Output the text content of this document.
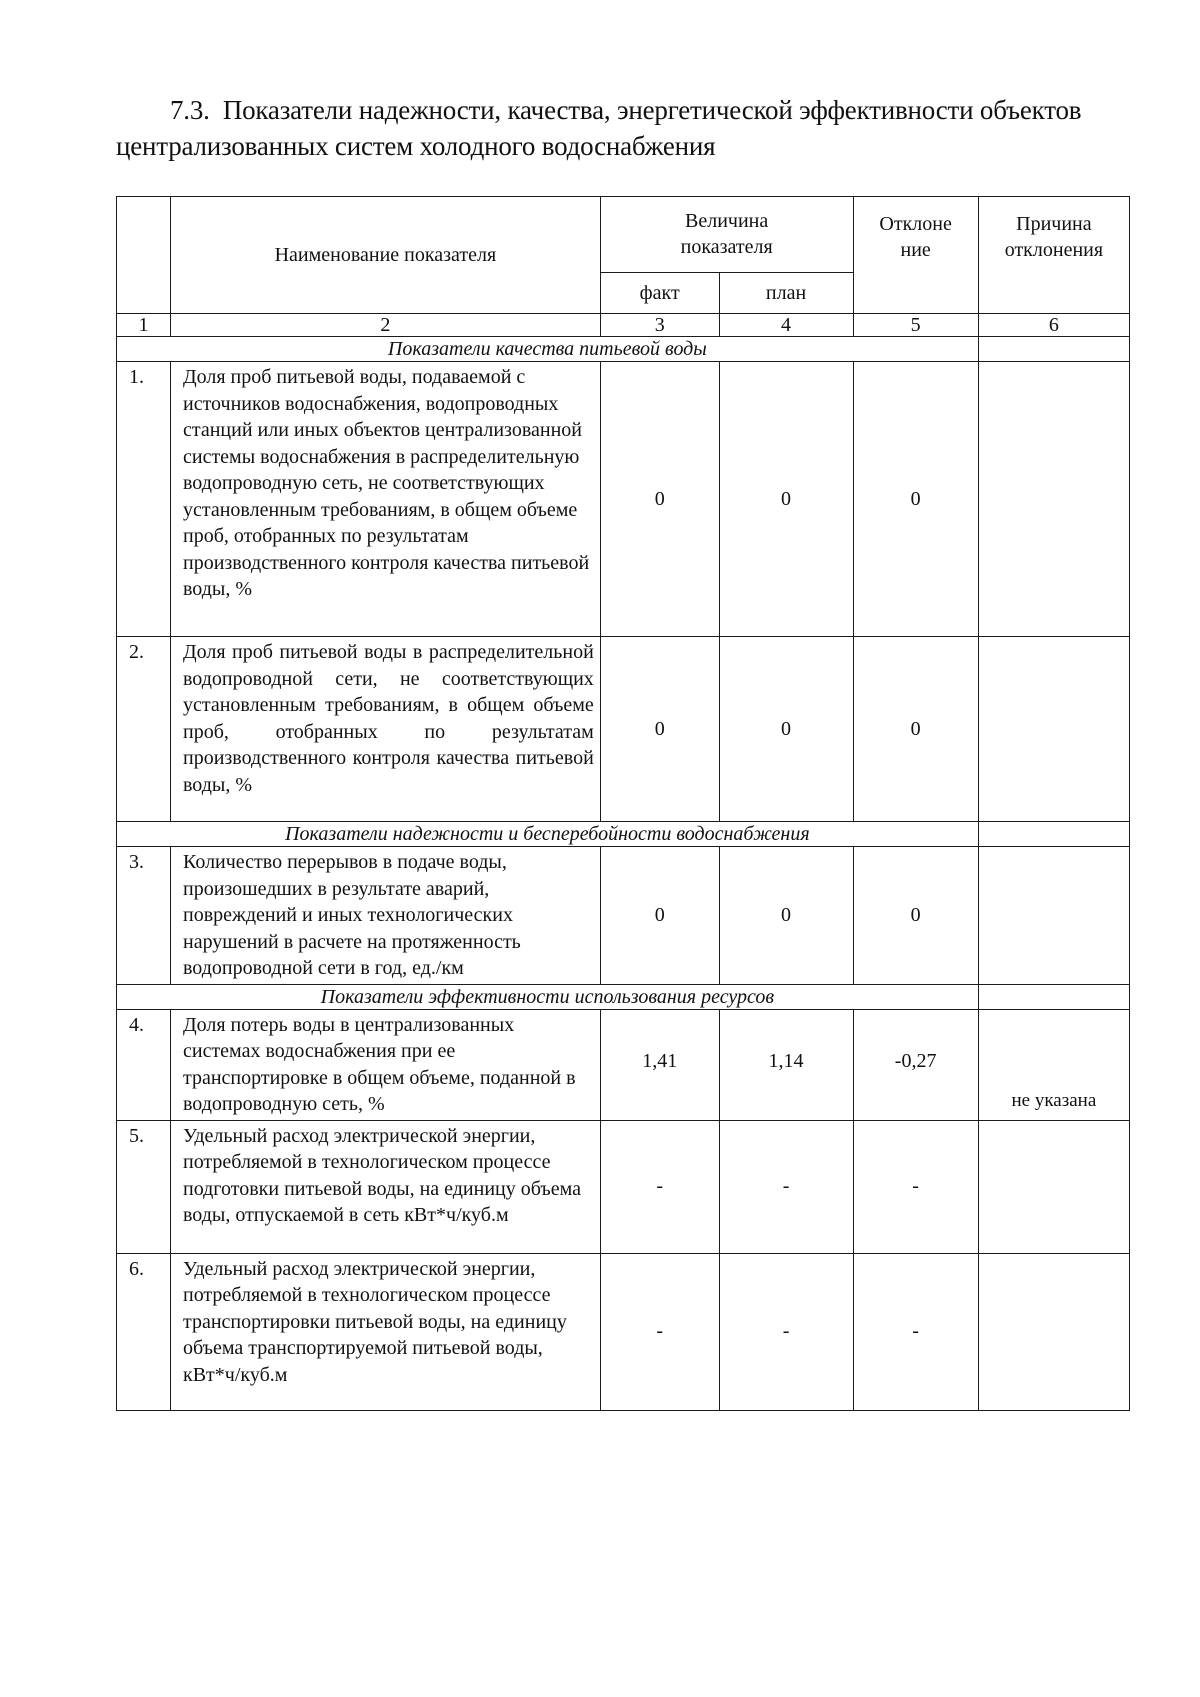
7.3. Показатели надежности, качества, энергетической эффективности объектов
централизованных систем холодного водоснабжения
	Наименование показателя	Величина показателя		Отклоне ние	Причина отклонения
		факт	план		
1	2	3	4	5	6
Показатели качества питьевой воды					
1.	Доля проб питьевой воды, подаваемой с источников водоснабжения, водопроводных станций или иных объектов централизованной системы водоснабжения в распределительную водопроводную сеть, не соответствующих установленным требованиям, в общем объеме проб, отобранных по результатам производственного контроля качества питьевой воды, %	0	0	0	
2.	Доля проб питьевой воды в распределительной водопроводной сети, не соответствующих установленным требованиям, в общем объеме проб, отобранных по результатам производственного контроля качества питьевой воды, %	0	0	0	
Показатели надежности и бесперебойности водоснабжения					
3.	Количество перерывов в подаче воды, произошедших в результате аварий, повреждений и иных технологических нарушений в расчете на протяженность водопроводной сети в год, ед./км	0	0	0	
Показатели эффективности использования ресурсов					
4.	Доля потерь воды в централизованных системах водоснабжения при ее транспортировке в общем объеме, поданной в водопроводную сеть, %	1,41	1,14	-0,27	не указана
5.	Удельный расход электрической энергии, потребляемой в технологическом процессе подготовки питьевой воды, на единицу объема воды, отпускаемой в сеть кВт*ч/куб.м	-	-	-	
6.	Удельный расход электрической энергии, потребляемой в технологическом процессе транспортировки питьевой воды, на единицу объема транспортируемой питьевой воды, кВт*ч/куб.м	-	-	-	
